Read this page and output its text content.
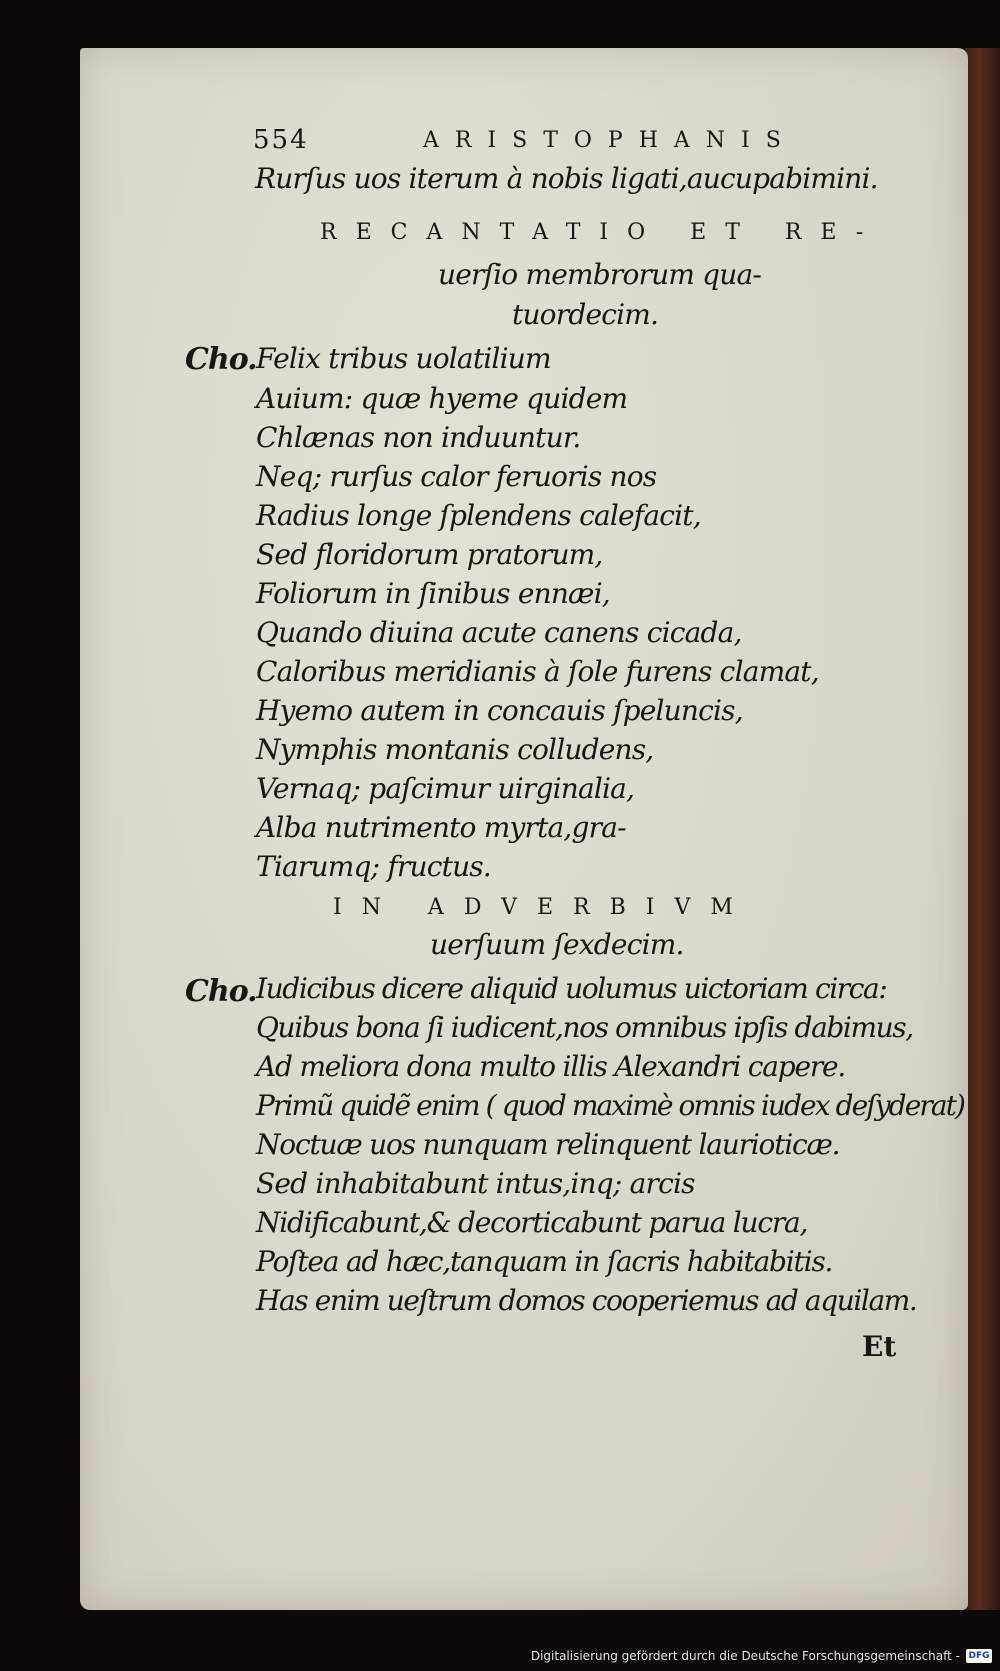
554	ARISTOPHANIS
Rurſus uos iterum à nobis ligati,aucupabimini.
RECANTATIO ET RE-
uerſio membrorum qua-
tuordecim.
Cho. Felix tribus uolatilium
Auium: quæ hyeme quidem
Chlænas non induuntur.
Neq; rurſus calor feruoris nos
Radius longe ſplendens calefacit,
Sed floridorum pratorum,
Foliorum in ſinibus ennæi,
Quando diuina acute canens cicada,
Caloribus meridianis à ſole furens clamat,
Hyemo autem in concauis ſpeluncis,
Nymphis montanis colludens,
Vernaq; paſcimur uirginalia,
Alba nutrimento myrta,gra-
Tiarumq; fructus.
IN ADVERBIVM
uerſuum ſexdecim.
Cho. Iudicibus dicere aliquid uolumus uictoriam circa:
Quibus bona ſi iudicent,nos omnibus ipſis dabimus,
Ad meliora dona multo illis Alexandri capere.
Primũ quidẽ enim ( quod maximè omnis iudex deſyderat)
Noctuæ uos nunquam relinquent laurioticæ.
Sed inhabitabunt intus,inq; arcis
Nidificabunt,& decorticabunt parua lucra,
Poſtea ad hæc,tanquam in ſacris habitabitis.
Has enim ueſtrum domos cooperiemus ad aquilam.
Et
Digitalisierung gefördert durch die Deutsche Forschungsgemeinschaft - DFG
